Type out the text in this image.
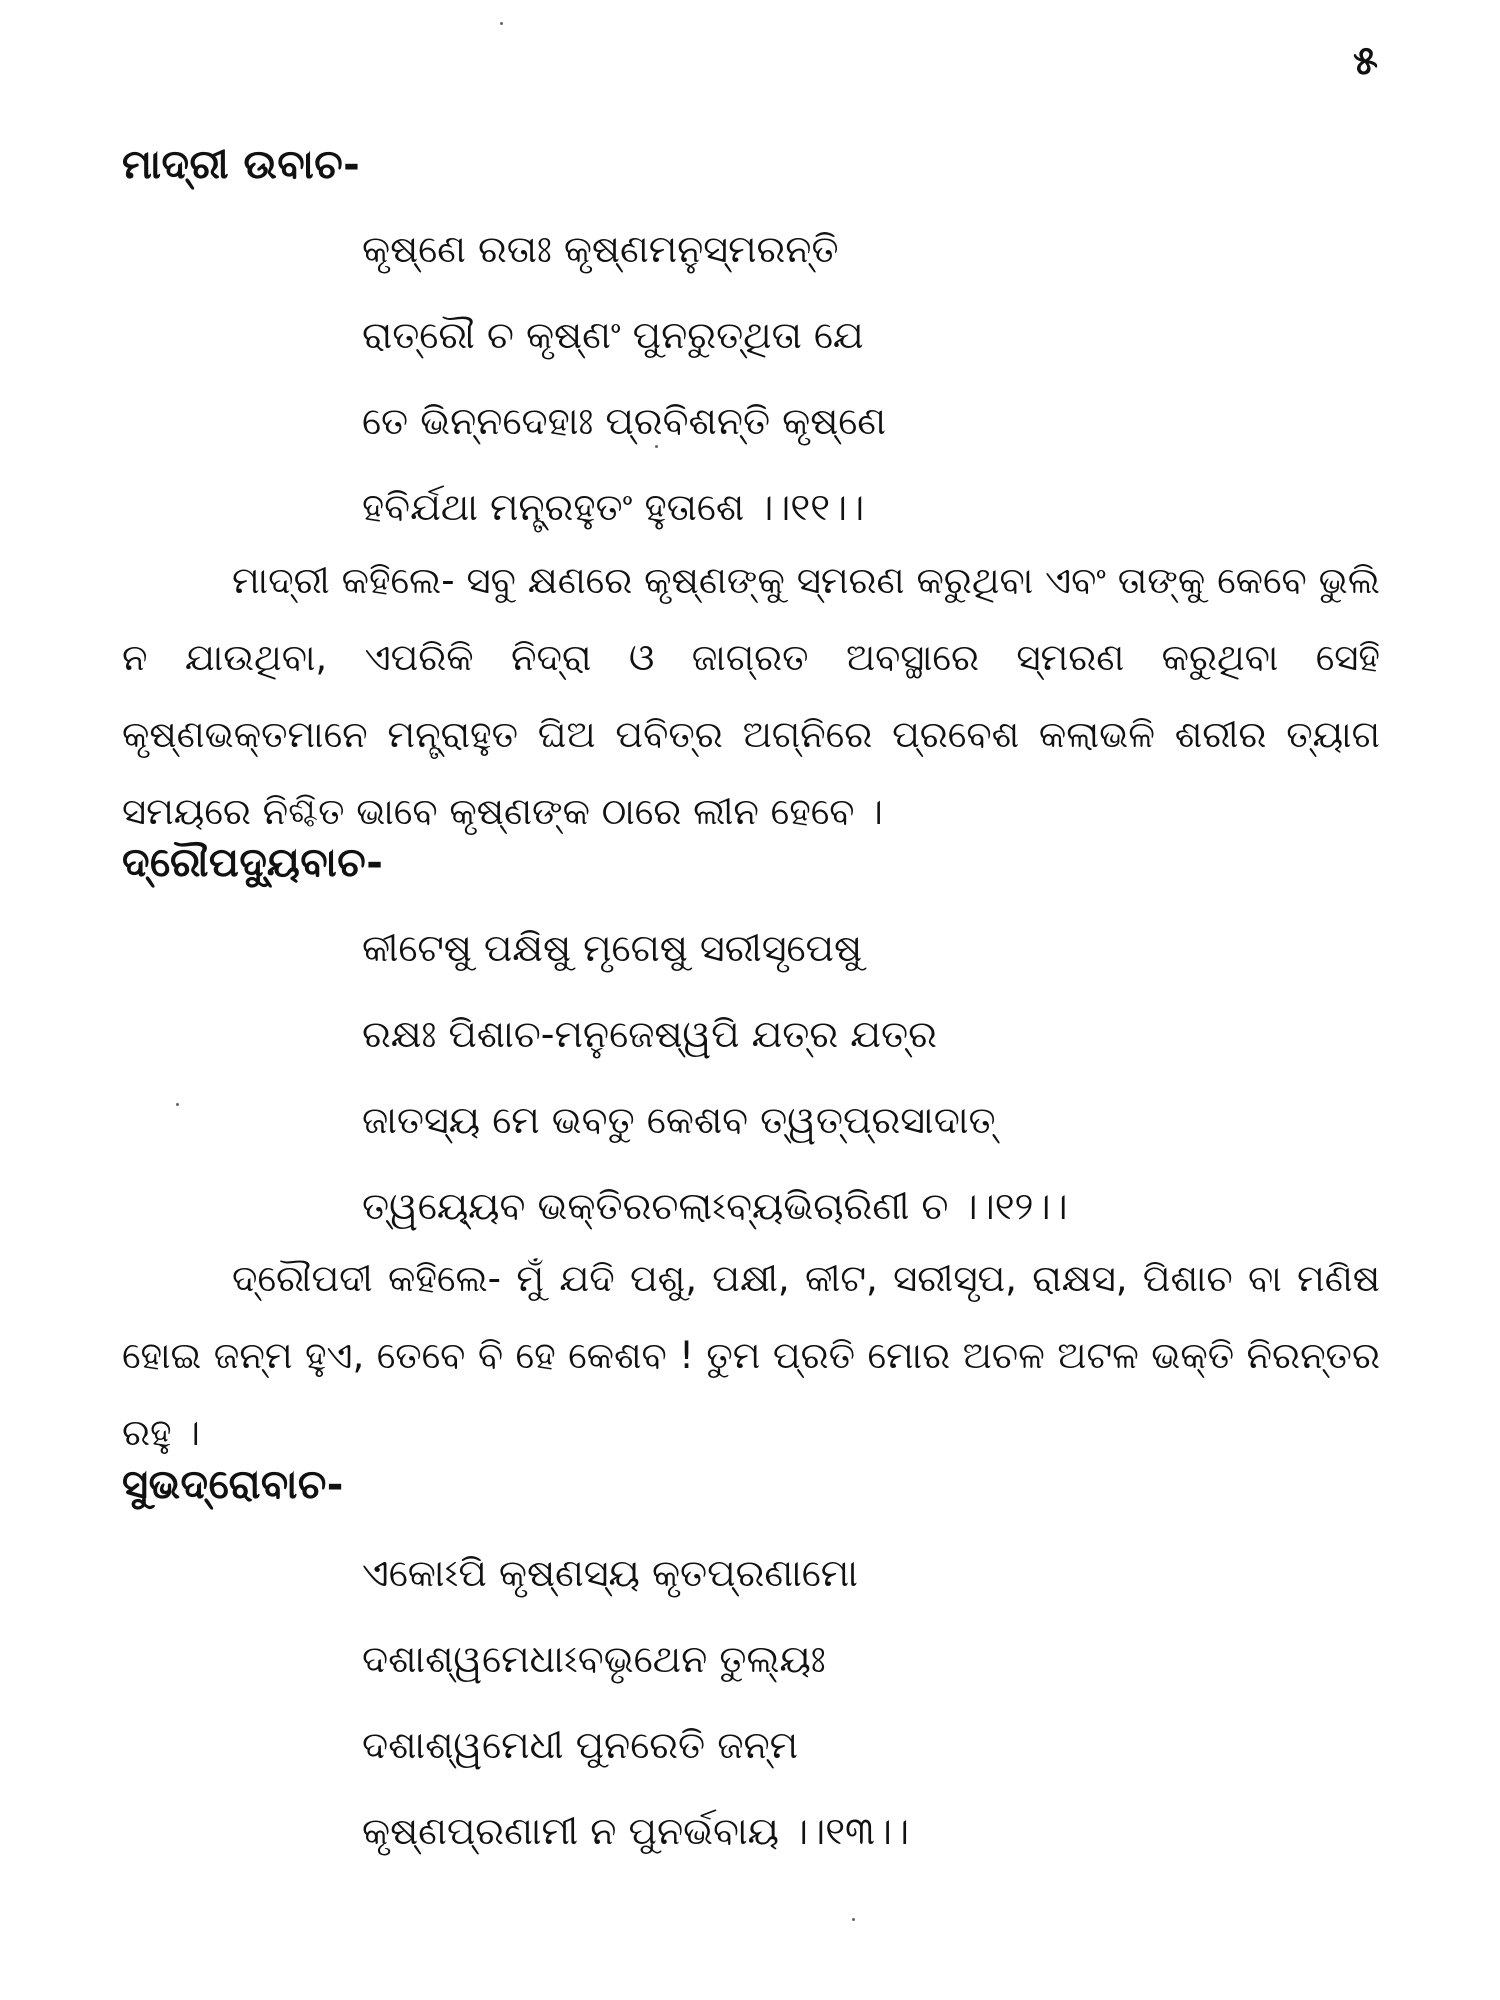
୫
ମାଦ୍ରୀ ଉବାଚ-
କୃଷ୍ଣେ ରତାଃ କୃଷ୍ଣମନୁସ୍ମରନ୍ତି
ରାତ୍ରୌ ଚ କୃଷ୍ଣଂ ପୁନରୁତ୍‌ଥିତା ଯେ
ତେ ଭିନ୍ନଦେହାଃ ପ୍ରବିଶନ୍ତି କୃଷ୍ଣେ
ହବିର୍ଯଥା ମନ୍ତ୍ରହୁତଂ ହୁତାଶେ ।।୧୧।।

ମାଦ୍ରୀ କହିଲେ- ସବୁ କ୍ଷଣରେ କୃଷ୍ଣଙ୍କୁ ସ୍ମରଣ କରୁଥିବା ଏବଂ ତାଙ୍କୁ କେବେ ଭୁଲି ନ ଯାଉଥିବା, ଏପରିକି ନିଦ୍ରା ଓ ଜାଗ୍ରତ ଅବସ୍ଥାରେ ସ୍ମରଣ କରୁଥିବା ସେହି କୃଷ୍ଣଭକ୍ତମାନେ ମନ୍ତ୍ରାହୁତ ଘିଅ ପବିତ୍ର ଅଗ୍ନିରେ ପ୍ରବେଶ କଲାଭଳି ଶରୀର ତ୍ୟାଗ ସମୟରେ ନିଶ୍ଚିତ ଭାବେ କୃଷ୍ଣଙ୍କ ଠାରେ ଲୀନ ହେବେ ।

ଦ୍ରୌପଦ୍ୟୁବାଚ-
କୀଟେଷୁ ପକ୍ଷିଷୁ ମୃଗେଷୁ ସରୀସୃପେଷୁ
ରକ୍ଷଃ ପିଶାଚ-ମନୁଜେଷ୍ୱପି ଯତ୍ର ଯତ୍ର
ଜାତସ୍ୟ ମେ ଭବତୁ କେଶବ ତ୍ୱତ୍‌ପ୍ରସାଦାତ୍
ତ୍ୱୟ୍ୟେବ ଭକ୍ତିରଚଲାଽବ୍ୟଭିଚାରିଣୀ ଚ ।।୧୨।।

ଦ୍ରୌପଦୀ କହିଲେ- ମୁଁ ଯଦି ପଶୁ, ପକ୍ଷୀ, କୀଟ, ସରୀସୃପ, ରାକ୍ଷସ, ପିଶାଚ ବା ମଣିଷ ହୋଇ ଜନ୍ମ ହୁଏ, ତେବେ ବି ହେ କେଶବ ! ତୁମ ପ୍ରତି ମୋର ଅଚଳ ଅଟଳ ଭକ୍ତି ନିରନ୍ତର ରହୁ ।

ସୁଭଦ୍ରୋବାଚ-
ଏକୋଽପି କୃଷ୍ଣସ୍ୟ କୃତପ୍ରଣାମୋ
ଦଶାଶ୍ୱମେଧାଽବଭୃଥେନ ତୁଲ୍ୟଃ
ଦଶାଶ୍ୱମେଧୀ ପୁନରେତି ଜନ୍ମ
କୃଷ୍ଣପ୍ରଣାମୀ ନ ପୁନର୍ଭବାୟ ।।୧୩।।
